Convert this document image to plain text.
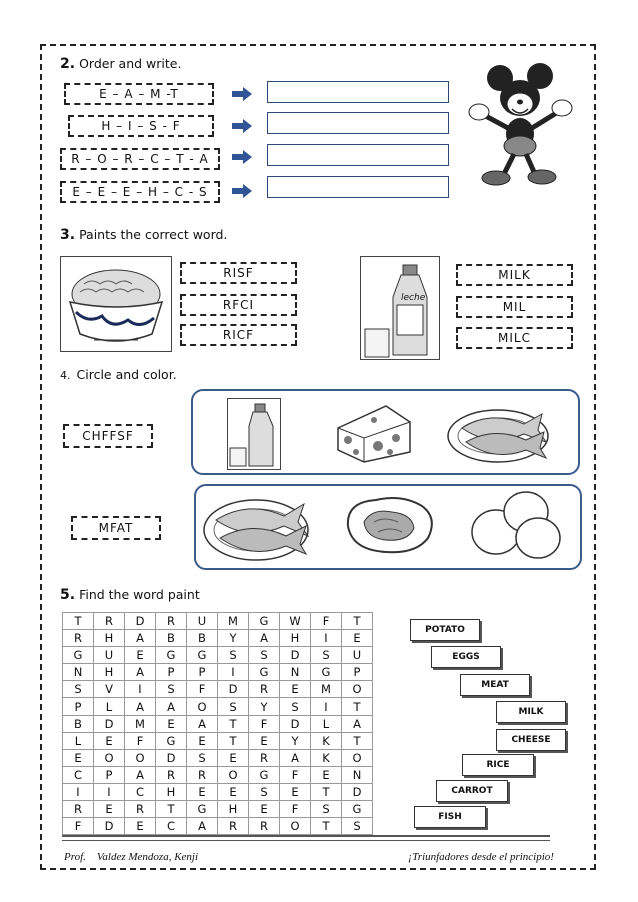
2. Order and write.
E – A – M -T
H – I – S - F
R – O – R – C – T - A
E – E – E – H – C - S
3. Paints the correct word.
RISF
RFCI
RICF
leche
MILK
MIL
MILC
4. Circle and color.
CHFFSF
MFAT
5. Find the word paint
T	R	D	R	U	M	G	W	F	T
R	H	A	B	B	Y	A	H	I	E
G	U	E	G	G	S	S	D	S	U
N	H	A	P	P	I	G	N	G	P
S	V	I	S	F	D	R	E	M	O
P	L	A	A	O	S	Y	S	I	T
B	D	M	E	A	T	F	D	L	A
L	E	F	G	E	T	E	Y	K	T
E	O	O	D	S	E	R	A	K	O
C	P	A	R	R	O	G	F	E	N
I	I	C	H	E	E	S	E	T	D
R	E	R	T	G	H	E	F	S	G
F	D	E	C	A	R	R	O	T	S
POTATO
EGGS
MEAT
MILK
CHEESE
RICE
CARROT
FISH
Prof.    Valdez Mendoza, Kenji	¡Triunfadores desde el principio!
